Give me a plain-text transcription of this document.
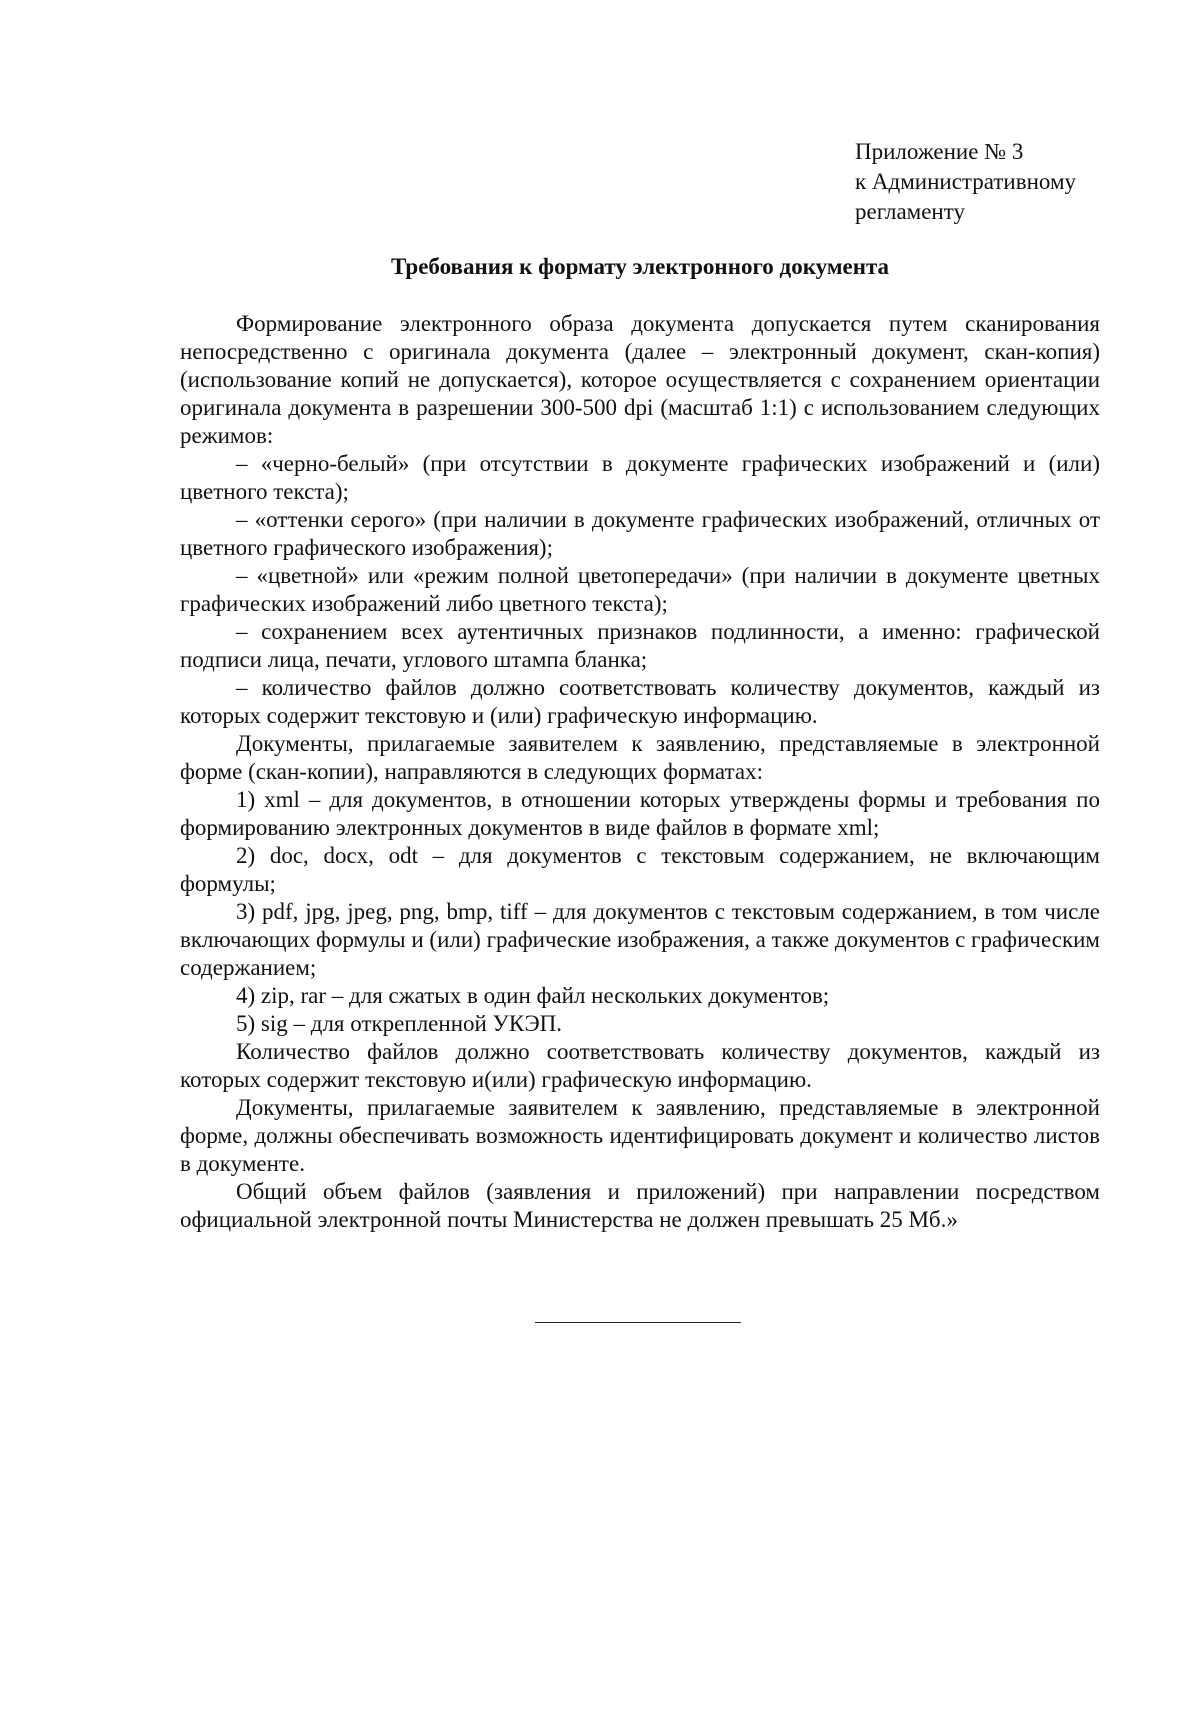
Приложение № 3
к Административному
регламенту
Требования к формату электронного документа

Формирование электронного образа документа допускается путем сканирования непосредственно с оригинала документа (далее – электронный документ, скан-копия) (использование копий не допускается), которое осуществляется с сохранением ориентации оригинала документа в разрешении 300-500 dpi (масштаб 1:1) с использованием следующих режимов:

– «черно-белый» (при отсутствии в документе графических изображений и (или) цветного текста);

– «оттенки серого» (при наличии в документе графических изображений, отличных от цветного графического изображения);

– «цветной» или «режим полной цветопередачи» (при наличии в документе цветных графических изображений либо цветного текста);

– сохранением всех аутентичных признаков подлинности, а именно: графической подписи лица, печати, углового штампа бланка;

– количество файлов должно соответствовать количеству документов, каждый из которых содержит текстовую и (или) графическую информацию.

Документы, прилагаемые заявителем к заявлению, представляемые в электронной форме (скан-копии), направляются в следующих форматах:

1) xml – для документов, в отношении которых утверждены формы и требования по формированию электронных документов в виде файлов в формате xml;

2) doc, docx, odt – для документов с текстовым содержанием, не включающим формулы;

3) pdf, jpg, jpeg, png, bmp, tiff – для документов с текстовым содержанием, в том числе включающих формулы и (или) графические изображения, а также документов с графическим содержанием;

4) zip, rar – для сжатых в один файл нескольких документов;

5) sig – для открепленной УКЭП.

Количество файлов должно соответствовать количеству документов, каждый из которых содержит текстовую и(или) графическую информацию.

Документы, прилагаемые заявителем к заявлению, представляемые в электронной форме, должны обеспечивать возможность идентифицировать документ и количество листов в документе.

Общий объем файлов (заявления и приложений) при направлении посредством официальной электронной почты Министерства не должен превышать 25 Мб.»
